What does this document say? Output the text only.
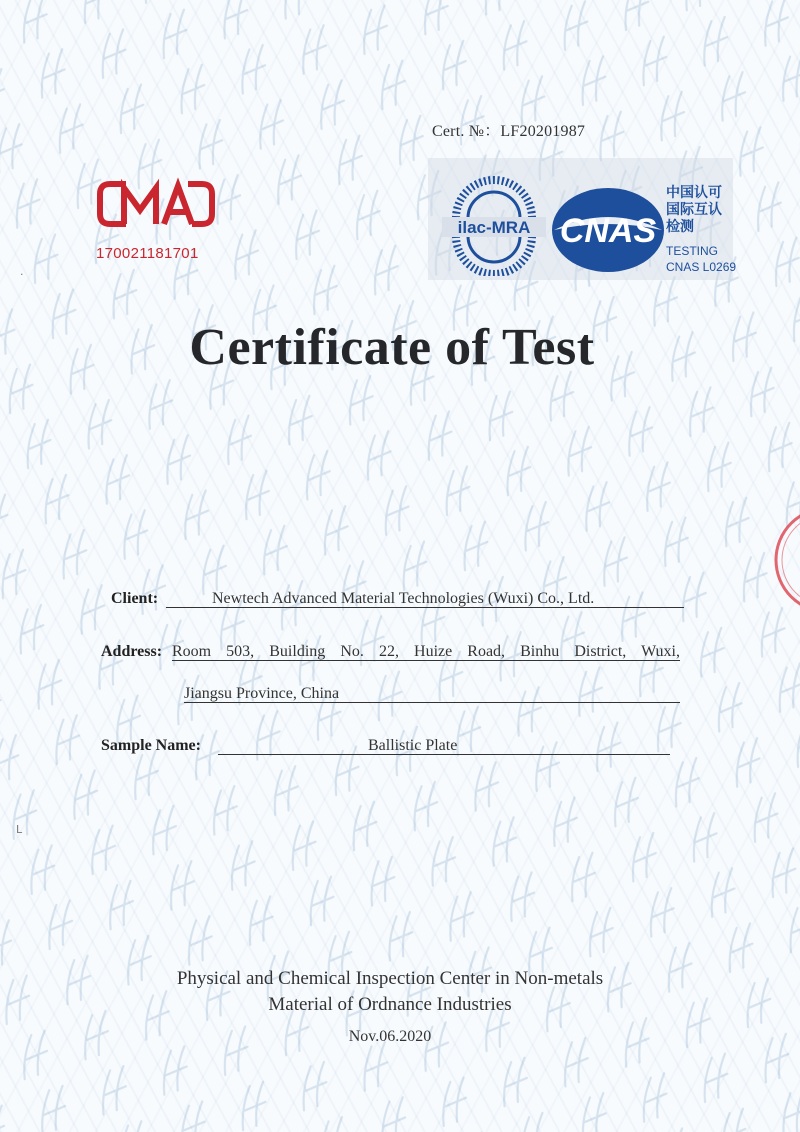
Cert. №：LF20201987
170021181701
ilac-MRA CNAS
中国认可
国际互认
检测
TESTING
CNAS L0269
Certificate of Test
Client:	Newtech Advanced Material Technologies (Wuxi) Co., Ltd.
Address: Room 503, Building No. 22, Huize Road, Binhu District, Wuxi,
Jiangsu Province, China
Sample Name:	Ballistic Plate
·
L
Physical and Chemical Inspection Center in Non-metals
Material of Ordnance Industries
Nov.06.2020
